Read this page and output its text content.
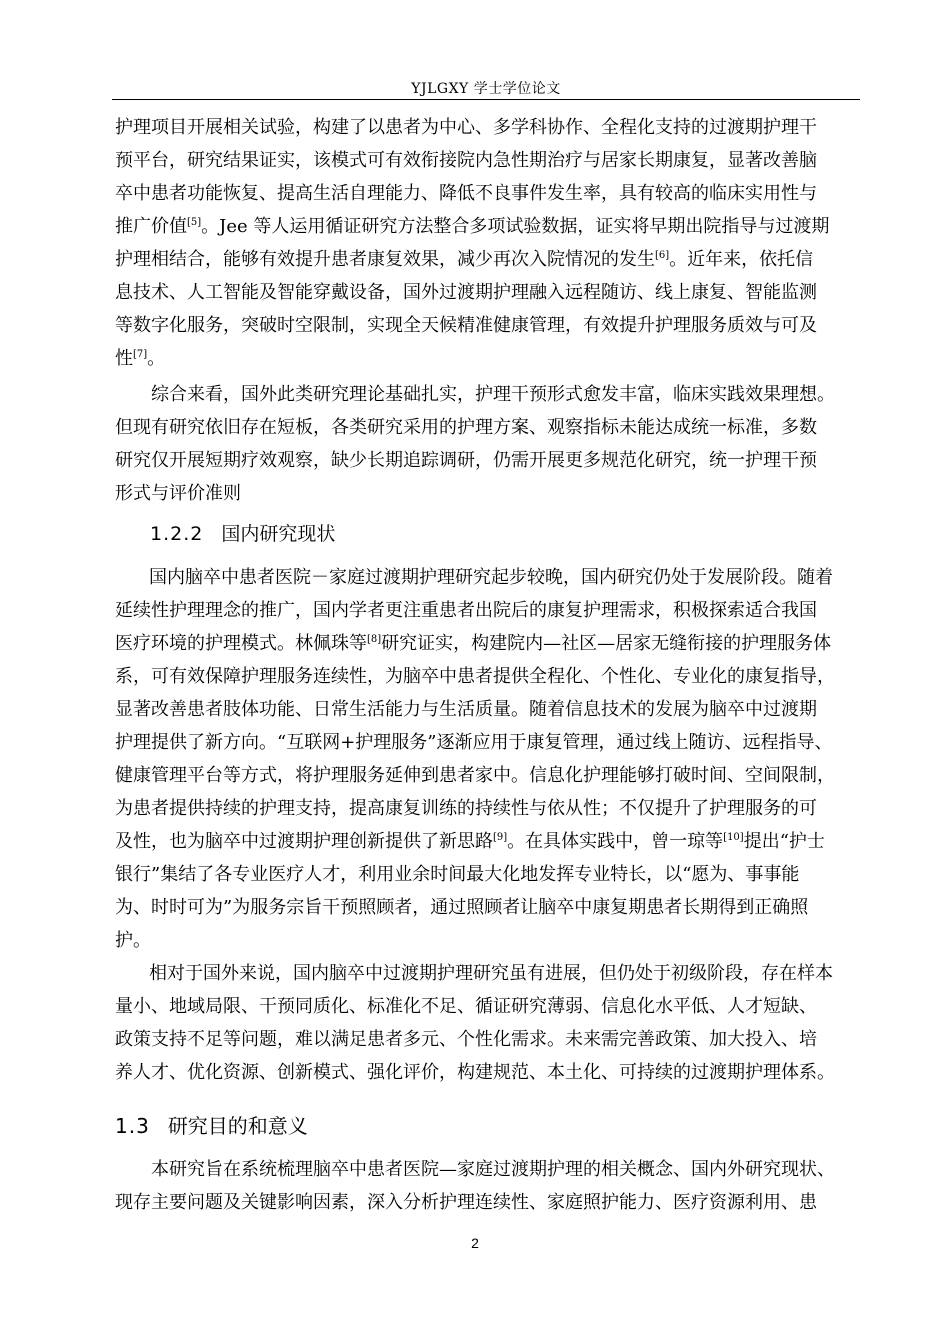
YJLGXY 学士学位论文
护理项目开展相关试验，构建了以患者为中心、多学科协作、全程化支持的过渡期护理干
预平台，研究结果证实，该模式可有效衔接院内急性期治疗与居家长期康复，显著改善脑
卒中患者功能恢复、提高生活自理能力、降低不良事件发生率，具有较高的临床实用性与
推广价值[5]。Jee 等人运用循证研究方法整合多项试验数据，证实将早期出院指导与过渡期
护理相结合，能够有效提升患者康复效果，减少再次入院情况的发生[6]。近年来，依托信
息技术、人工智能及智能穿戴设备，国外过渡期护理融入远程随访、线上康复、智能监测
等数字化服务，突破时空限制，实现全天候精准健康管理，有效提升护理服务质效与可及
性[7]。
综合来看，国外此类研究理论基础扎实，护理干预形式愈发丰富，临床实践效果理想。
但现有研究依旧存在短板，各类研究采用的护理方案、观察指标未能达成统一标准，多数
研究仅开展短期疗效观察，缺少长期追踪调研，仍需开展更多规范化研究，统一护理干预
形式与评价准则
1.2.2 国内研究现状
国内脑卒中患者医院－家庭过渡期护理研究起步较晚，国内研究仍处于发展阶段。随着
延续性护理理念的推广，国内学者更注重患者出院后的康复护理需求，积极探索适合我国
医疗环境的护理模式。林佩珠等[8]研究证实，构建院内—社区—居家无缝衔接的护理服务体
系，可有效保障护理服务连续性，为脑卒中患者提供全程化、个性化、专业化的康复指导，
显著改善患者肢体功能、日常生活能力与生活质量。随着信息技术的发展为脑卒中过渡期
护理提供了新方向。“互联网+护理服务”逐渐应用于康复管理，通过线上随访、远程指导、
健康管理平台等方式，将护理服务延伸到患者家中。信息化护理能够打破时间、空间限制，
为患者提供持续的护理支持，提高康复训练的持续性与依从性；不仅提升了护理服务的可
及性，也为脑卒中过渡期护理创新提供了新思路[9]。在具体实践中，曾一琼等[10]提出“护士
银行”集结了各专业医疗人才，利用业余时间最大化地发挥专业特长，以“愿为、事事能
为、时时可为”为服务宗旨干预照顾者，通过照顾者让脑卒中康复期患者长期得到正确照
护。
相对于国外来说，国内脑卒中过渡期护理研究虽有进展，但仍处于初级阶段，存在样本
量小、地域局限、干预同质化、标准化不足、循证研究薄弱、信息化水平低、人才短缺、
政策支持不足等问题，难以满足患者多元、个性化需求。未来需完善政策、加大投入、培
养人才、优化资源、创新模式、强化评价，构建规范、本土化、可持续的过渡期护理体系。
1.3 研究目的和意义
本研究旨在系统梳理脑卒中患者医院—家庭过渡期护理的相关概念、国内外研究现状、
现存主要问题及关键影响因素，深入分析护理连续性、家庭照护能力、医疗资源利用、患
2
